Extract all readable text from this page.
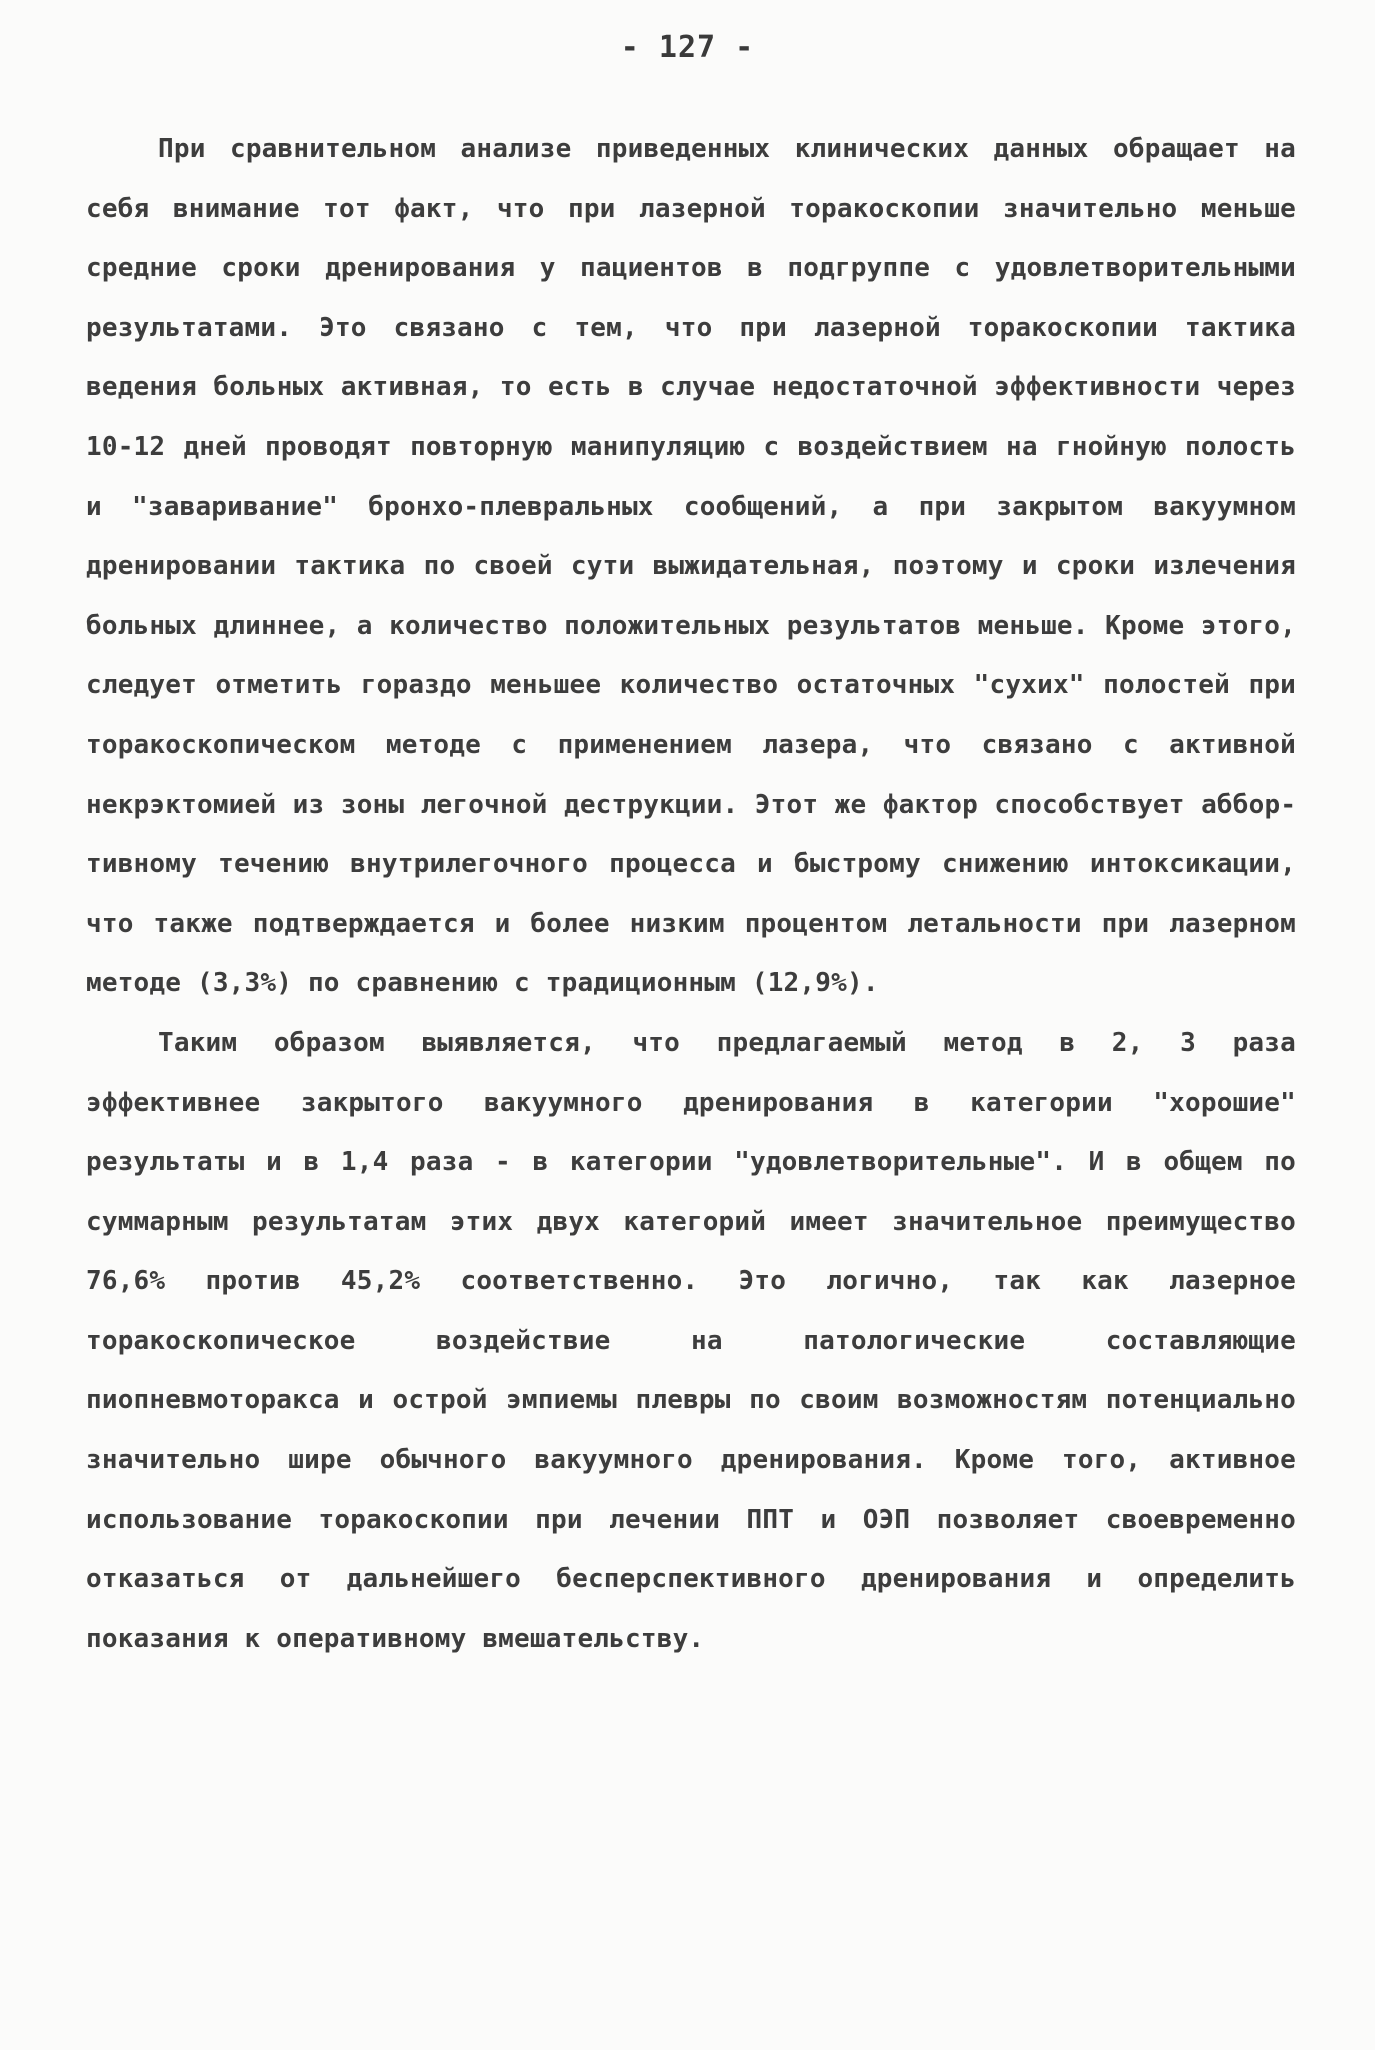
- 127 -

При сравнительном анализе приведенных клинических данных обращает на себя внимание тот факт, что при лазерной торакоскопии значительно меньше средние сроки дренирования у пациентов в подгруппе с удовлетворительными результатами. Это связано с тем, что при лазерной торакоскопии тактика ведения больных активная, то есть в случае недостаточной эффективности через 10-12 дней проводят повторную манипуляцию с воздействием на гнойную полость и "заваривание" бронхо-плевральных сообщений, а при закрытом вакуумном дренировании тактика по своей сути выжидательная, поэтому и сроки излечения больных длиннее, а количество положительных результатов меньше. Кроме этого, следует отметить гораздо меньшее количество остаточных "сухих" полостей при торакоскопическом методе с применением лазера, что связано с активной некрэктомией из зоны легочной деструкции. Этот же фактор способствует аббортивному течению внутрилегочного процесса и быстрому снижению интоксикации, что также подтверждается и более низким процентом летальности при лазерном методе (3,3%) по сравнению с традиционным (12,9%).

Таким образом выявляется, что предлагаемый метод в 2, 3 раза эффективнее закрытого вакуумного дренирования в категории "хорошие" результаты и в 1,4 раза - в категории "удовлетворительные". И в общем по суммарным результатам этих двух категорий имеет значительное преимущество 76,6% против 45,2% соответственно. Это логично, так как лазерное торакоскопическое воздействие на патологические составляющие пиопневмоторакса и острой эмпиемы плевры по своим возможностям потенциально значительно шире обычного вакуумного дренирования. Кроме того, активное использование торакоскопии при лечении ППТ и ОЭП позволяет своевременно отказаться от дальнейшего бесперспективного дренирования и определить показания к оперативному вмешательству.
